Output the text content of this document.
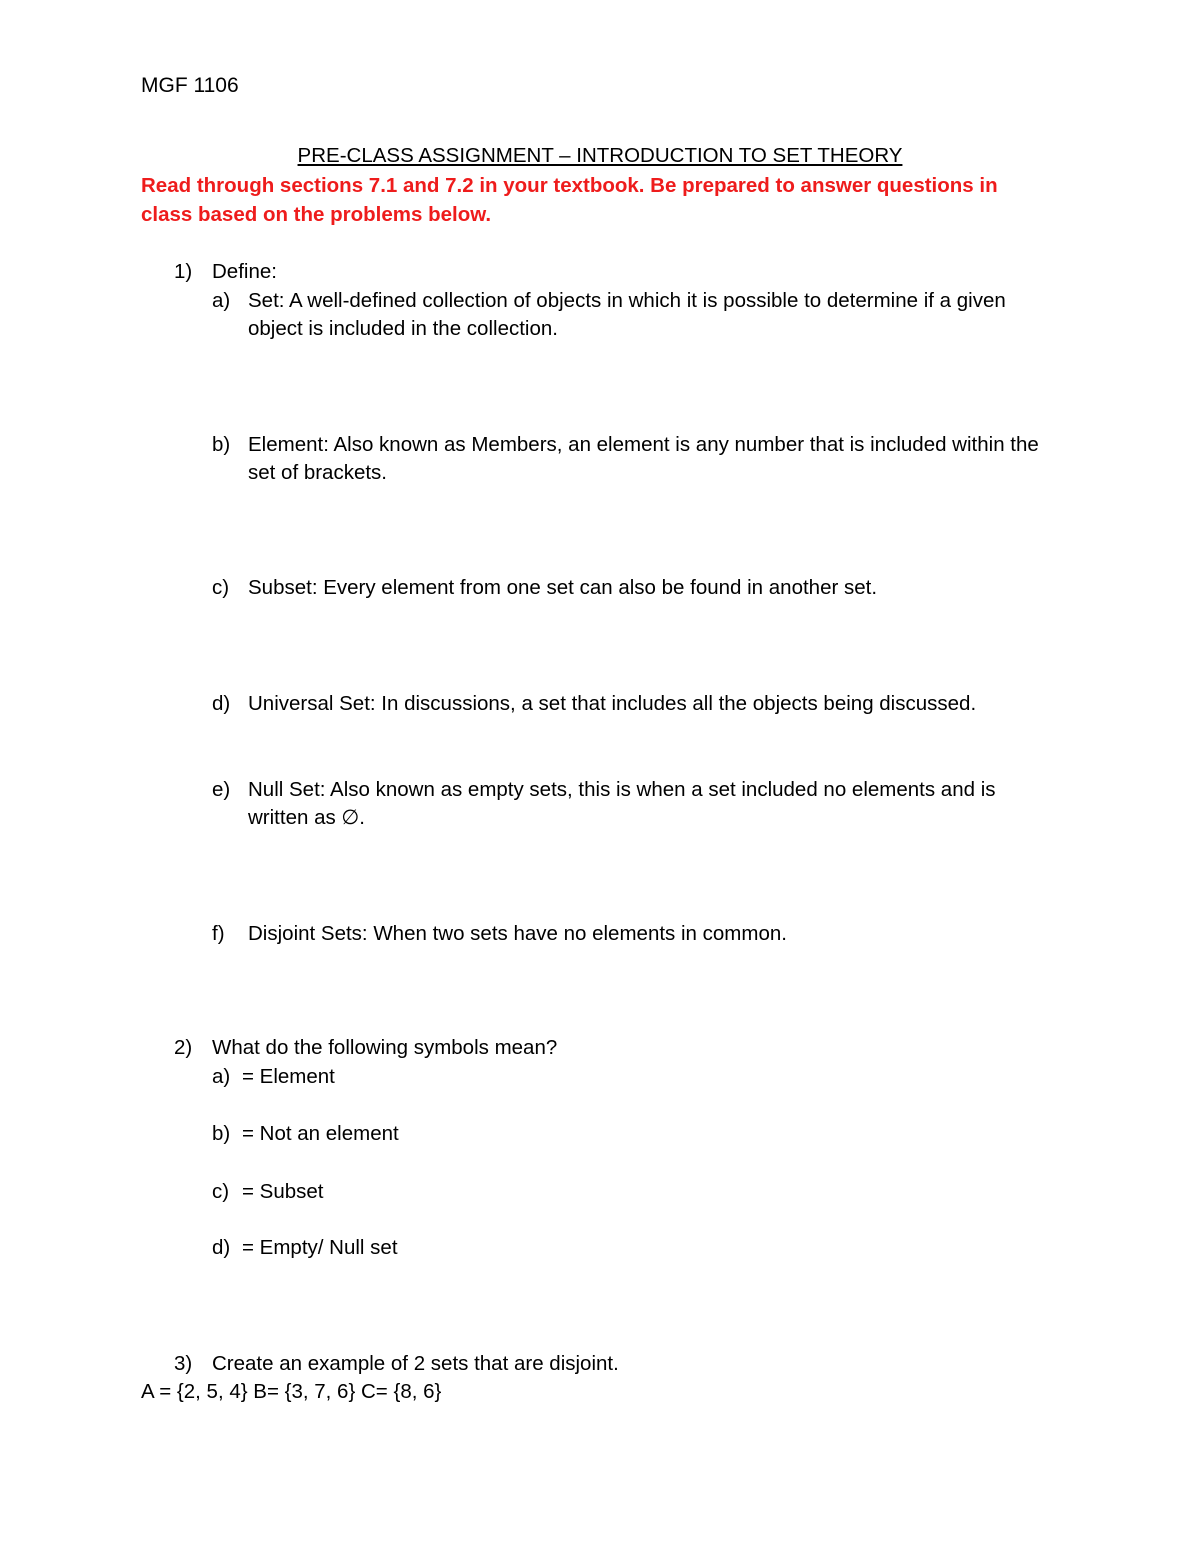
MGF 1106
PRE-CLASS ASSIGNMENT – INTRODUCTION TO SET THEORY
Read through sections 7.1 and 7.2 in your textbook. Be prepared to answer questions in class based on the problems below.
1) Define:
a) Set: A well-defined collection of objects in which it is possible to determine if a given object is included in the collection.
b) Element: Also known as Members, an element is any number that is included within the set of brackets.
c) Subset: Every element from one set can also be found in another set.
d) Universal Set: In discussions, a set that includes all the objects being discussed.
e) Null Set: Also known as empty sets, this is when a set included no elements and is written as ∅.
f) Disjoint Sets: When two sets have no elements in common.
2) What do the following symbols mean?
a) = Element
b) = Not an element
c) = Subset
d) = Empty/ Null set
3) Create an example of 2 sets that are disjoint.
A = {2, 5, 4} B= {3, 7, 6} C= {8, 6}
